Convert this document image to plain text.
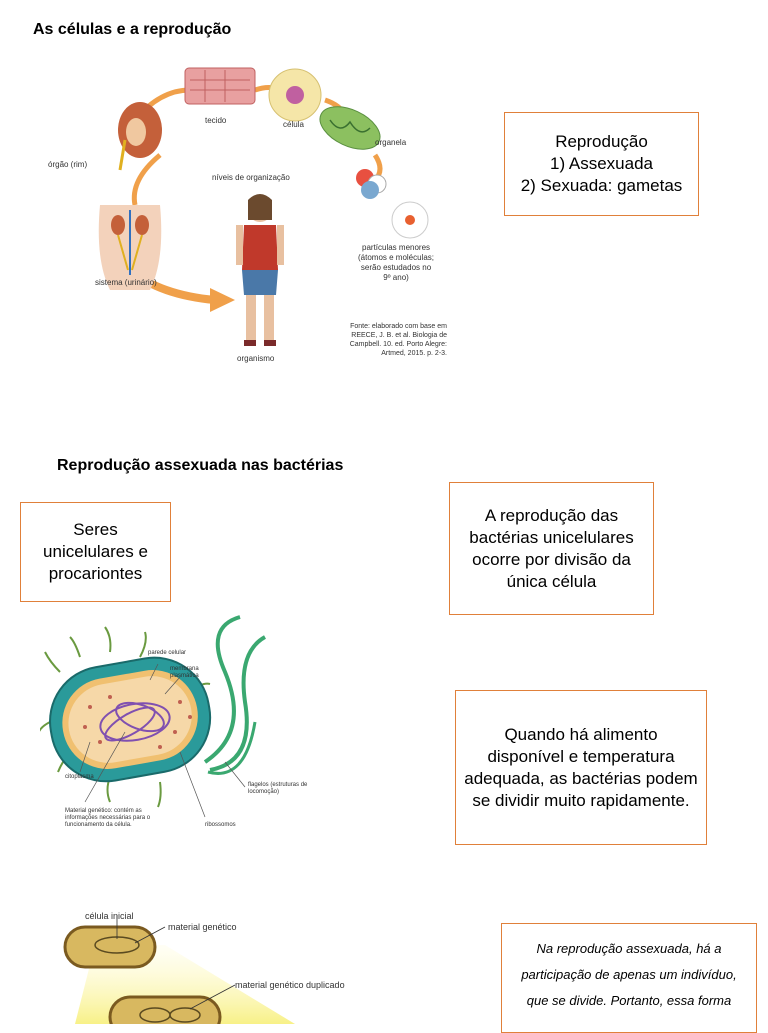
As células e a reprodução
órgão (rim)
tecido	célula
organela
níveis de organização
partículas menores
(átomos e moléculas;
serão estudados no
9º ano)
sistema (urinário)
organismo
Fonte: elaborado com base em
REECE, J. B. et al. Biologia de
Campbell. 10. ed. Porto Alegre:
Artmed, 2015. p. 2-3.
Reprodução
1) Assexuada
2) Sexuada: gametas
Reprodução assexuada nas bactérias
Seres
unicelulares e
procariontes
A reprodução das
bactérias unicelulares
ocorre por divisão da
única célula
Quando há alimento
disponível e temperatura
adequada, as bactérias podem
se dividir muito rapidamente.
parede celular
membrana plasmática
citoplasma
Material genético: contém as informações necessárias para o funcionamento da célula.
flagelos (estruturas de locomoção)
ribossomos
célula inicial
material genético
material genético duplicado
Na reprodução assexuada, há a
participação de apenas um indivíduo,
que se divide. Portanto, essa forma
